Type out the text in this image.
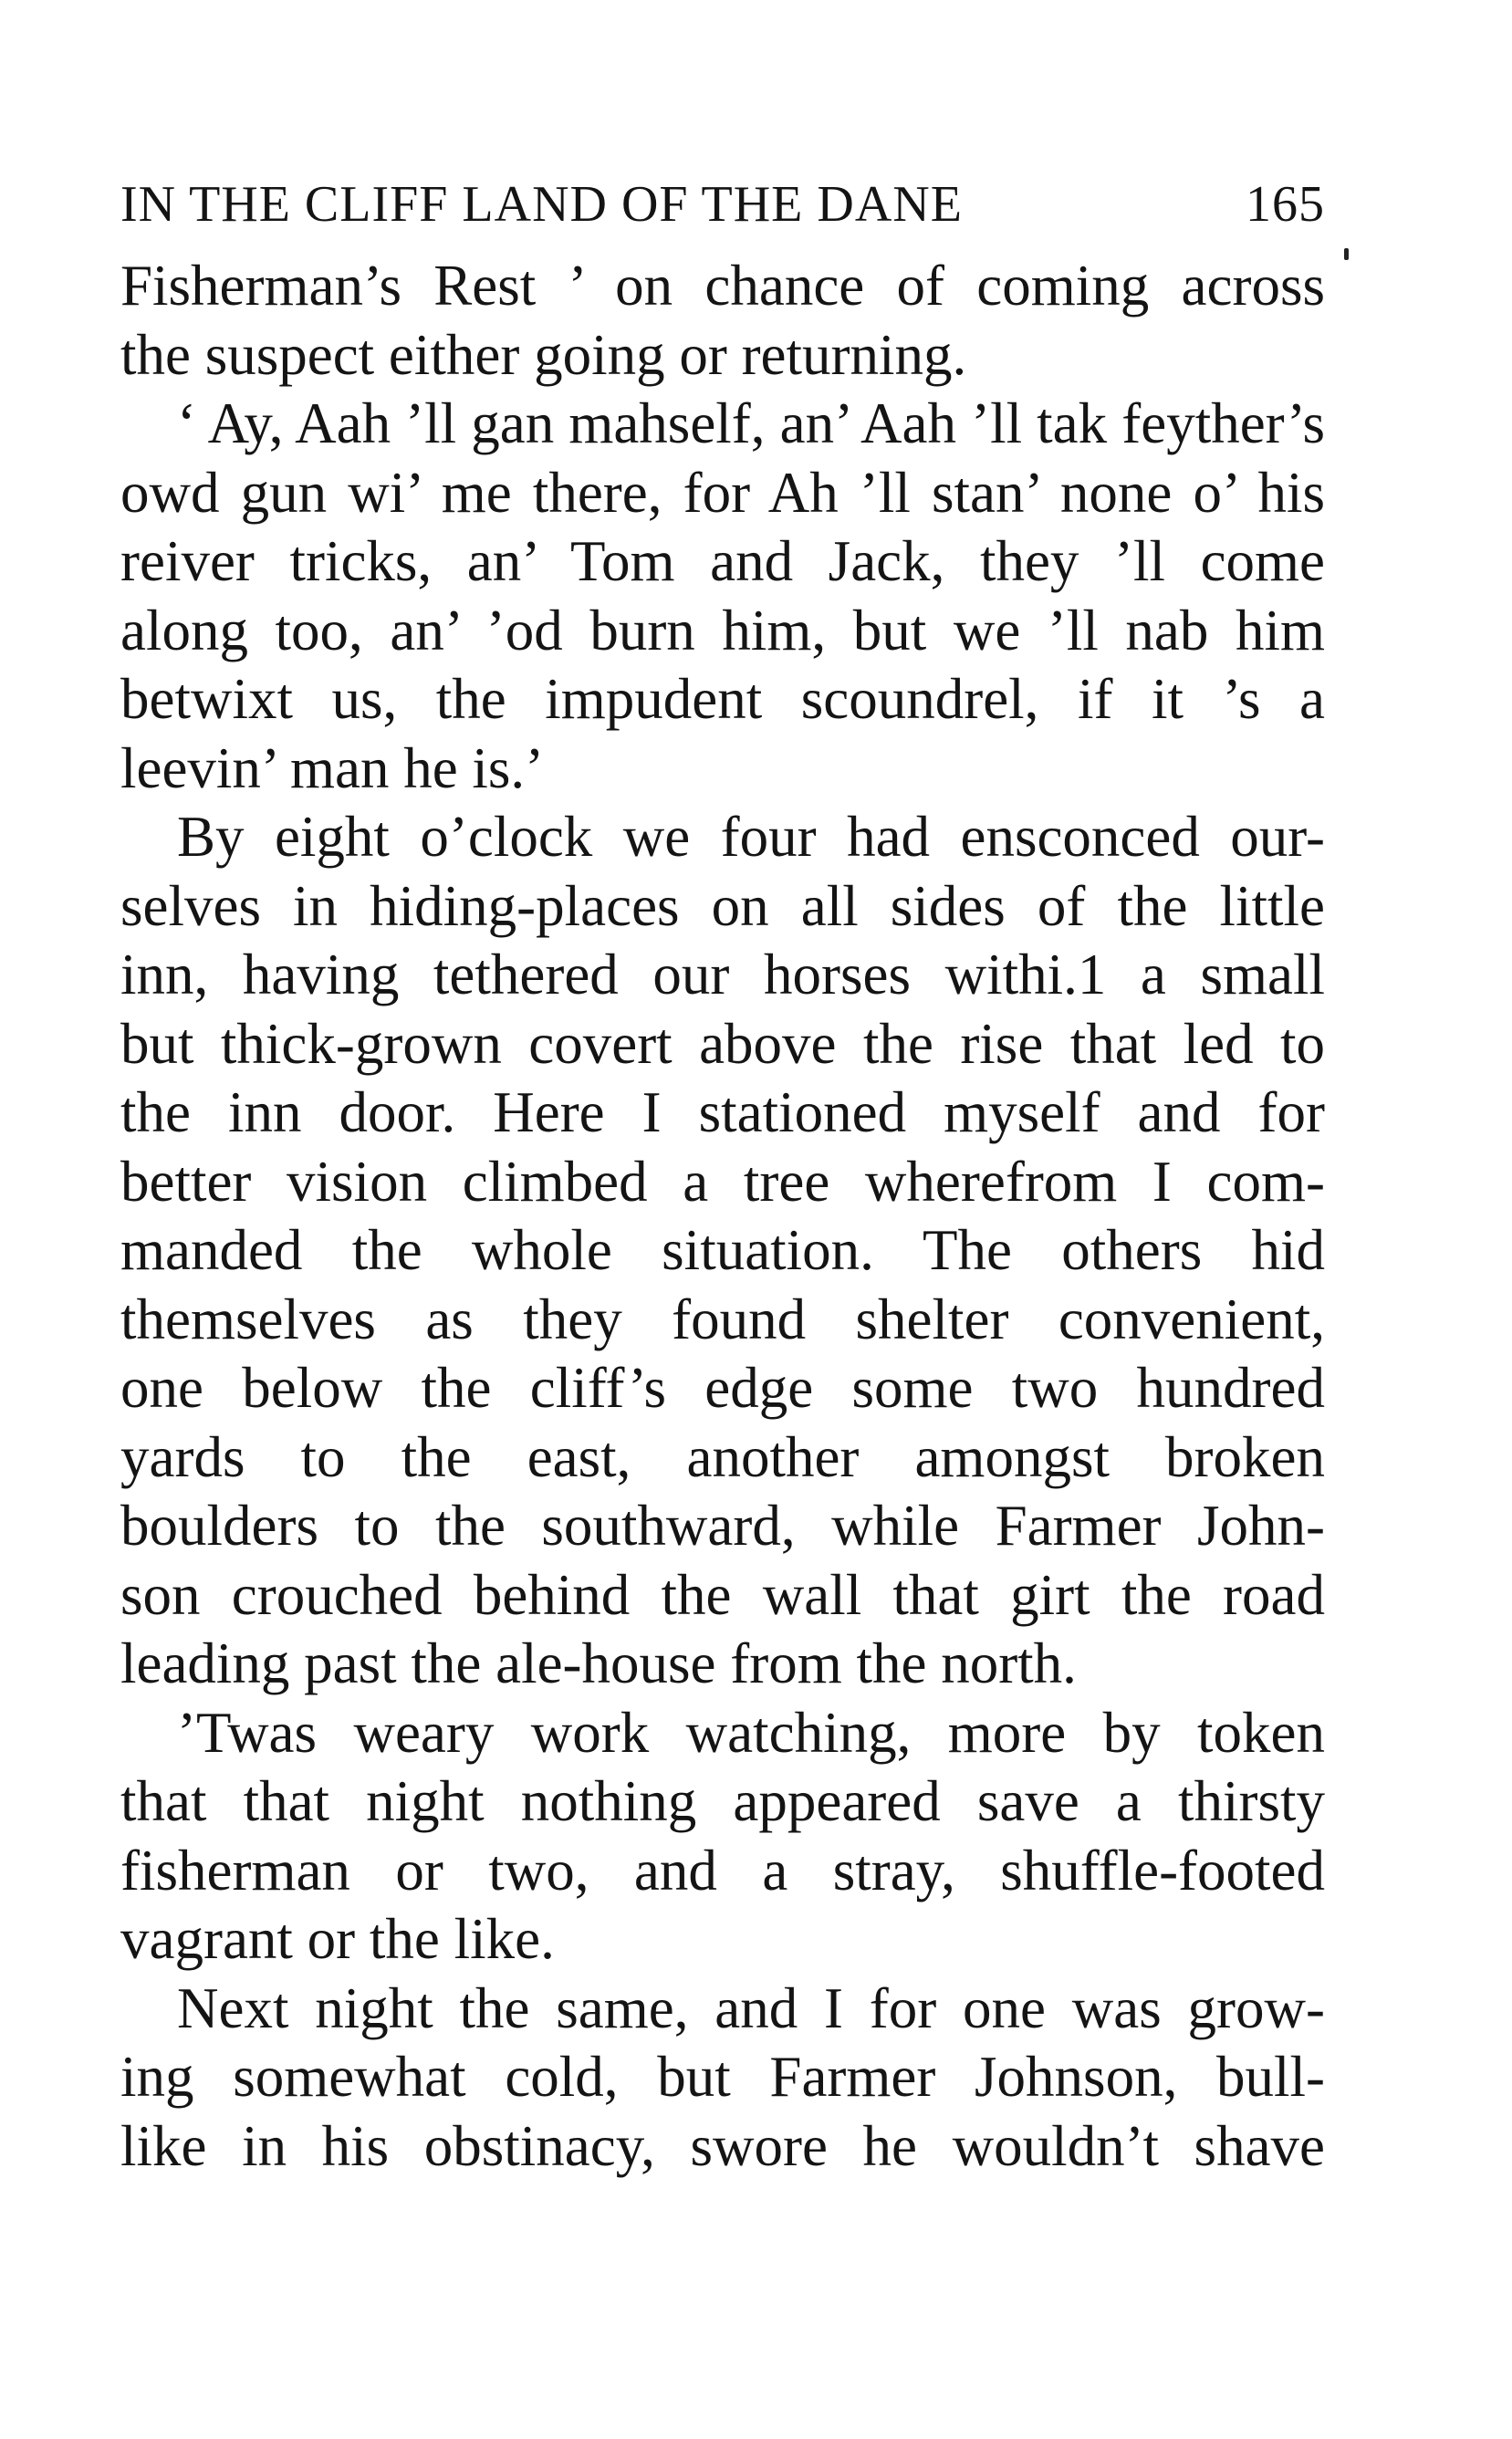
IN THE CLIFF LAND OF THE DANE	165
Fisherman’s Rest ’ on chance of coming across
the suspect either going or returning.
‘ Ay, Aah ’ll gan mahself, an’ Aah ’ll tak feyther’s
owd gun wi’ me there, for Ah ’ll stan’ none o’ his
reiver tricks, an’ Tom and Jack, they ’ll come
along too, an’ ’od burn him, but we ’ll nab him
betwixt us, the impudent scoundrel, if it ’s a
leevin’ man he is.’
By eight o’clock we four had ensconced our-
selves in hiding-places on all sides of the little
inn, having tethered our horses withi.1 a small
but thick-grown covert above the rise that led to
the inn door. Here I stationed myself and for
better vision climbed a tree wherefrom I com-
manded the whole situation. The others hid
themselves as they found shelter convenient,
one below the cliff’s edge some two hundred
yards to the east, another amongst broken
boulders to the southward, while Farmer John-
son crouched behind the wall that girt the road
leading past the ale-house from the north.
’Twas weary work watching, more by token
that that night nothing appeared save a thirsty
fisherman or two, and a stray, shuffle-footed
vagrant or the like.
Next night the same, and I for one was grow-
ing somewhat cold, but Farmer Johnson, bull-
like in his obstinacy, swore he wouldn’t shave
